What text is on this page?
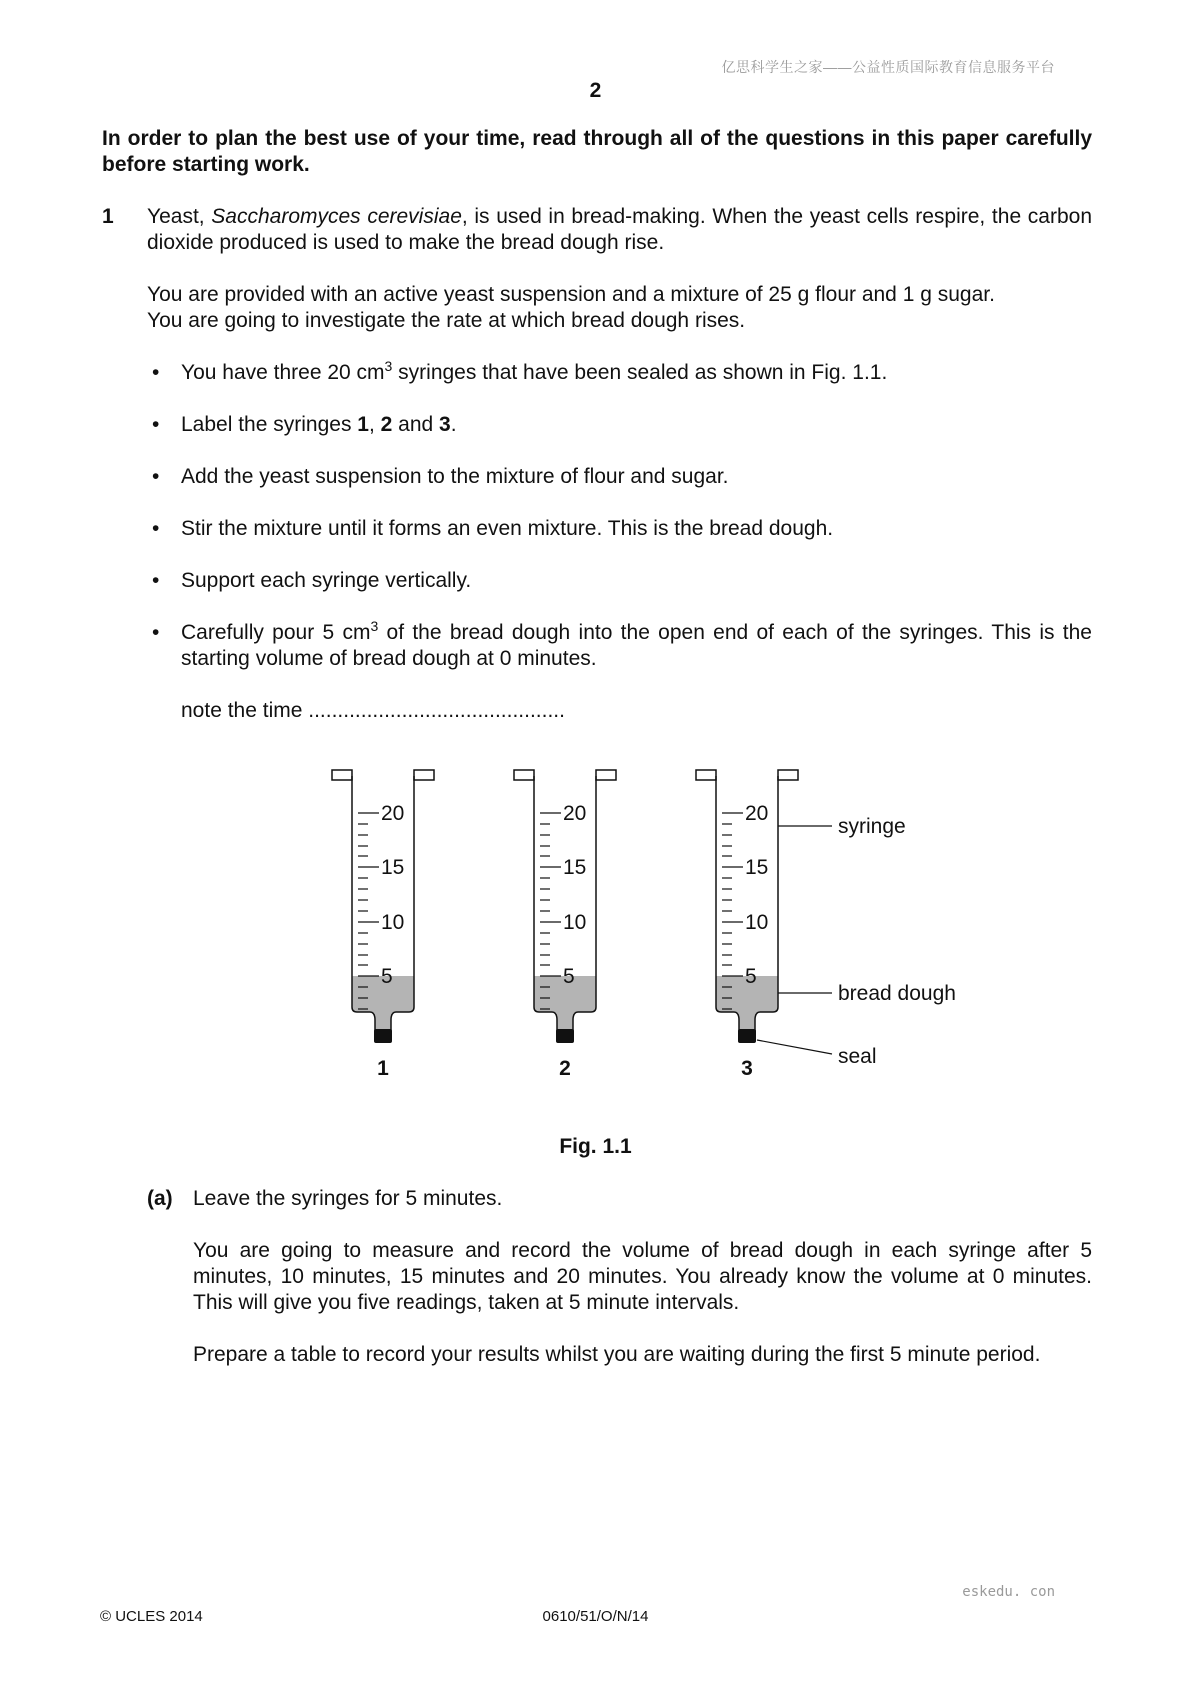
亿思科学生之家——公益性质国际教育信息服务平台
2
In order to plan the best use of your time, read through all of the questions in this paper carefully before starting work.
1 Yeast, Saccharomyces cerevisiae, is used in bread-making. When the yeast cells respire, the carbon dioxide produced is used to make the bread dough rise.
You are provided with an active yeast suspension and a mixture of 25 g flour and 1 g sugar.
You are going to investigate the rate at which bread dough rises.
• You have three 20 $cm^3$ syringes that have been sealed as shown in Fig. 1.1.
• Label the syringes 1, 2 and 3.
• Add the yeast suspension to the mixture of flour and sugar.
• Stir the mixture until it forms an even mixture. This is the bread dough.
• Support each syringe vertically.
• Carefully pour 5 $cm^3$ of the bread dough into the open end of each of the syringes. This is the starting volume of bread dough at 0 minutes.
note the time ............................................
20
15
10
5
1
20
15
10
5
2
20
15
10
5
3
syringe
bread dough
seal
Fig. 1.1
(a) Leave the syringes for 5 minutes.
You are going to measure and record the volume of bread dough in each syringe after 5 minutes, 10 minutes, 15 minutes and 20 minutes. You already know the volume at 0 minutes. This will give you five readings, taken at 5 minute intervals.
Prepare a table to record your results whilst you are waiting during the first 5 minute period.
eskedu. con
© UCLES 2014	0610/51/O/N/14
